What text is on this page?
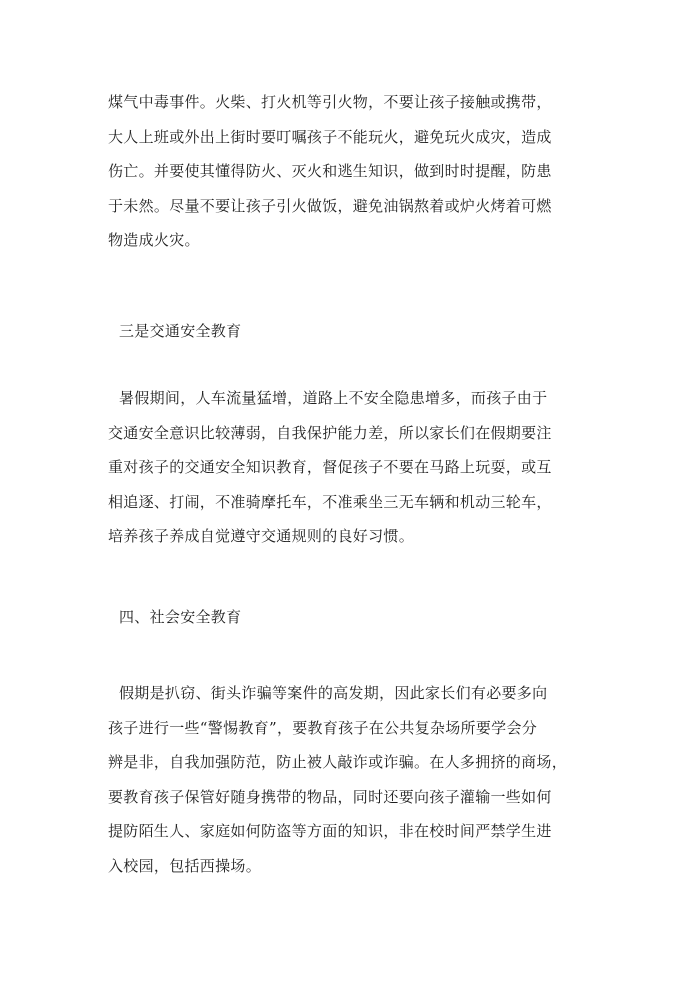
煤气中毒事件。火柴、打火机等引火物，不要让孩子接触或携带，
大人上班或外出上街时要叮嘱孩子不能玩火，避免玩火成灾，造成
伤亡。并要使其懂得防火、灭火和逃生知识，做到时时提醒，防患
于未然。尽量不要让孩子引火做饭，避免油锅熬着或炉火烤着可燃
物造成火灾。
三是交通安全教育
暑假期间，人车流量猛增，道路上不安全隐患增多，而孩子由于
交通安全意识比较薄弱，自我保护能力差，所以家长们在假期要注
重对孩子的交通安全知识教育，督促孩子不要在马路上玩耍，或互
相追逐、打闹，不准骑摩托车，不准乘坐三无车辆和机动三轮车，
培养孩子养成自觉遵守交通规则的良好习惯。
四、社会安全教育
假期是扒窃、街头诈骗等案件的高发期，因此家长们有必要多向
孩子进行一些“警惕教育”，要教育孩子在公共复杂场所要学会分
辨是非，自我加强防范，防止被人敲诈或诈骗。在人多拥挤的商场，
要教育孩子保管好随身携带的物品，同时还要向孩子灌输一些如何
提防陌生人、家庭如何防盗等方面的知识，非在校时间严禁学生进
入校园，包括西操场。
